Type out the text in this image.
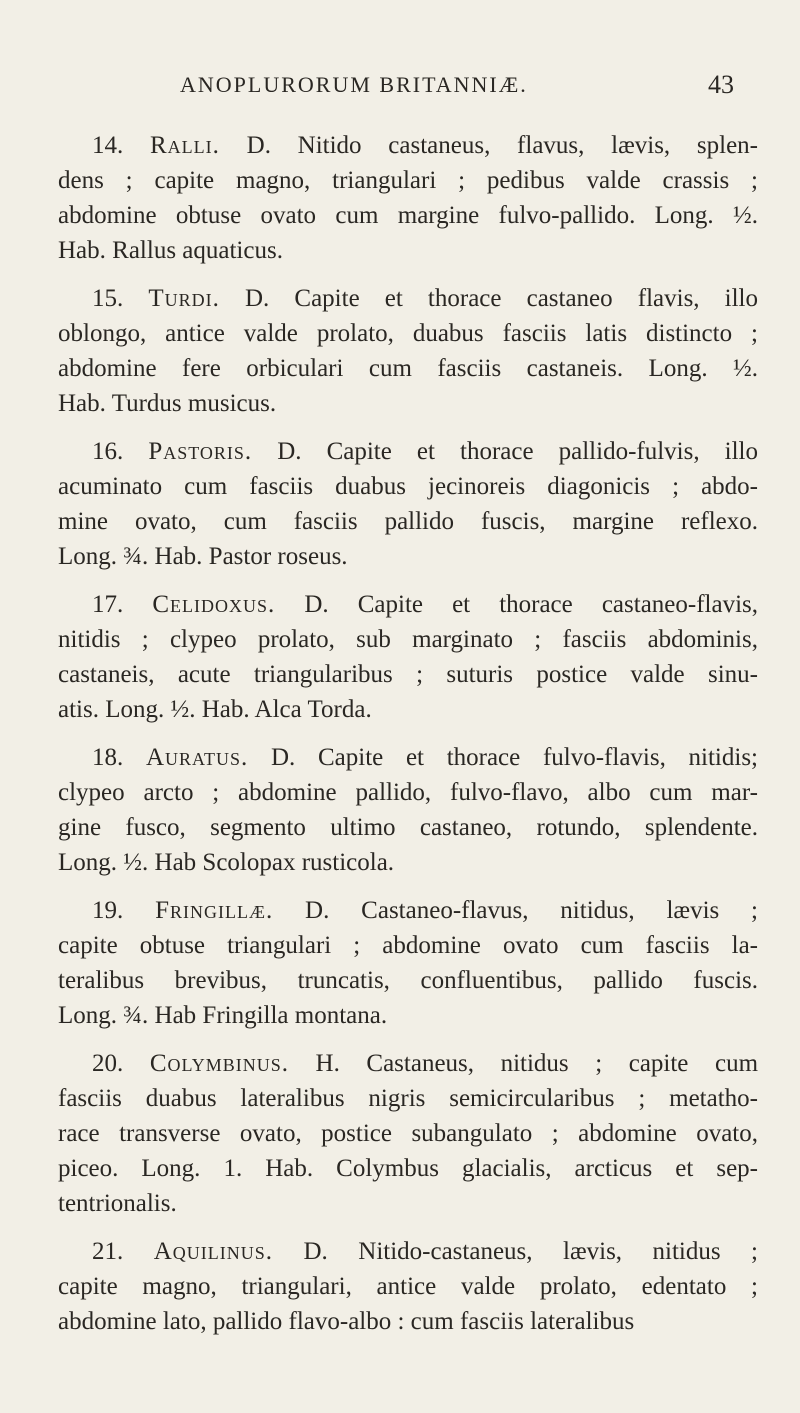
ANOPLURORUM BRITANNIÆ.	43
14. Ralli. D. Nitido castaneus, flavus, lævis, splen-
dens ; capite magno, triangulari ; pedibus valde crassis ;
abdomine obtuse ovato cum margine fulvo-pallido. Long. ½.
Hab. Rallus aquaticus.
15. Turdi. D. Capite et thorace castaneo flavis, illo
oblongo, antice valde prolato, duabus fasciis latis distincto ;
abdomine fere orbiculari cum fasciis castaneis. Long. ½.
Hab. Turdus musicus.
16. Pastoris. D. Capite et thorace pallido-fulvis, illo
acuminato cum fasciis duabus jecinoreis diagonicis ; abdo-
mine ovato, cum fasciis pallido fuscis, margine reflexo.
Long. ¾. Hab. Pastor roseus.
17. Celidoxus. D. Capite et thorace castaneo-flavis,
nitidis ; clypeo prolato, sub marginato ; fasciis abdominis,
castaneis, acute triangularibus ; suturis postice valde sinu-
atis. Long. ½. Hab. Alca Torda.
18. Auratus. D. Capite et thorace fulvo-flavis, nitidis;
clypeo arcto ; abdomine pallido, fulvo-flavo, albo cum mar-
gine fusco, segmento ultimo castaneo, rotundo, splendente.
Long. ½. Hab Scolopax rusticola.
19. Fringillæ. D. Castaneo-flavus, nitidus, lævis ;
capite obtuse triangulari ; abdomine ovato cum fasciis la-
teralibus brevibus, truncatis, confluentibus, pallido fuscis.
Long. ¾. Hab Fringilla montana.
20. Colymbinus. H. Castaneus, nitidus ; capite cum
fasciis duabus lateralibus nigris semicircularibus ; metatho-
race transverse ovato, postice subangulato ; abdomine ovato,
piceo. Long. 1. Hab. Colymbus glacialis, arcticus et sep-
tentrionalis.
21. Aquilinus. D. Nitido-castaneus, lævis, nitidus ;
capite magno, triangulari, antice valde prolato, edentato ;
abdomine lato, pallido flavo-albo : cum fasciis lateralibus
